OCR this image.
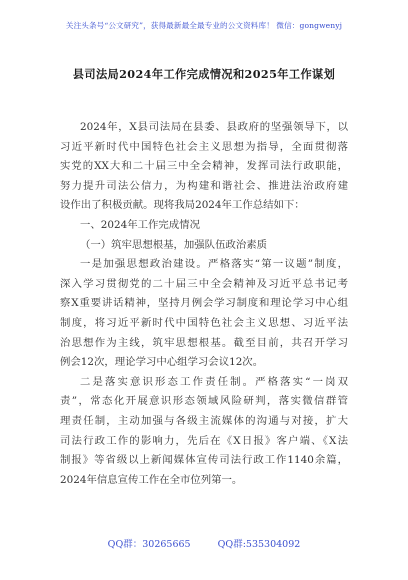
关注头条号“公文研究”，获得最新最全最专业的公文资料库！ 微信：gongwenyj
县司法局2024年工作完成情况和2025年工作谋划
2024年，X县司法局在县委、县政府的坚强领导下，以
习近平新时代中国特色社会主义思想为指导，全面贯彻落
实党的XX大和二十届三中全会精神，发挥司法行政职能，
努力提升司法公信力，为构建和谐社会、推进法治政府建
设作出了积极贡献。现将我局2024年工作总结如下：
一、2024年工作完成情况
（一）筑牢思想根基，加强队伍政治素质
一是加强思想政治建设。严格落实“第一议题”制度，
深入学习贯彻党的二十届三中全会精神及习近平总书记考
察X重要讲话精神，坚持月例会学习制度和理论学习中心组
制度，将习近平新时代中国特色社会主义思想、习近平法
治思想作为主线，筑牢思想根基。截至目前，共召开学习
例会12次，理论学习中心组学习会议12次。
二是落实意识形态工作责任制。严格落实“一岗双
责”，常态化开展意识形态领域风险研判，落实微信群管
理责任制，主动加强与各级主流媒体的沟通与对接，扩大
司法行政工作的影响力，先后在《X日报》客户端、《X法
制报》等省级以上新闻媒体宣传司法行政工作1140余篇，
2024年信息宣传工作在全市位列第一。
QQ群：30265665	QQ群:535304092
